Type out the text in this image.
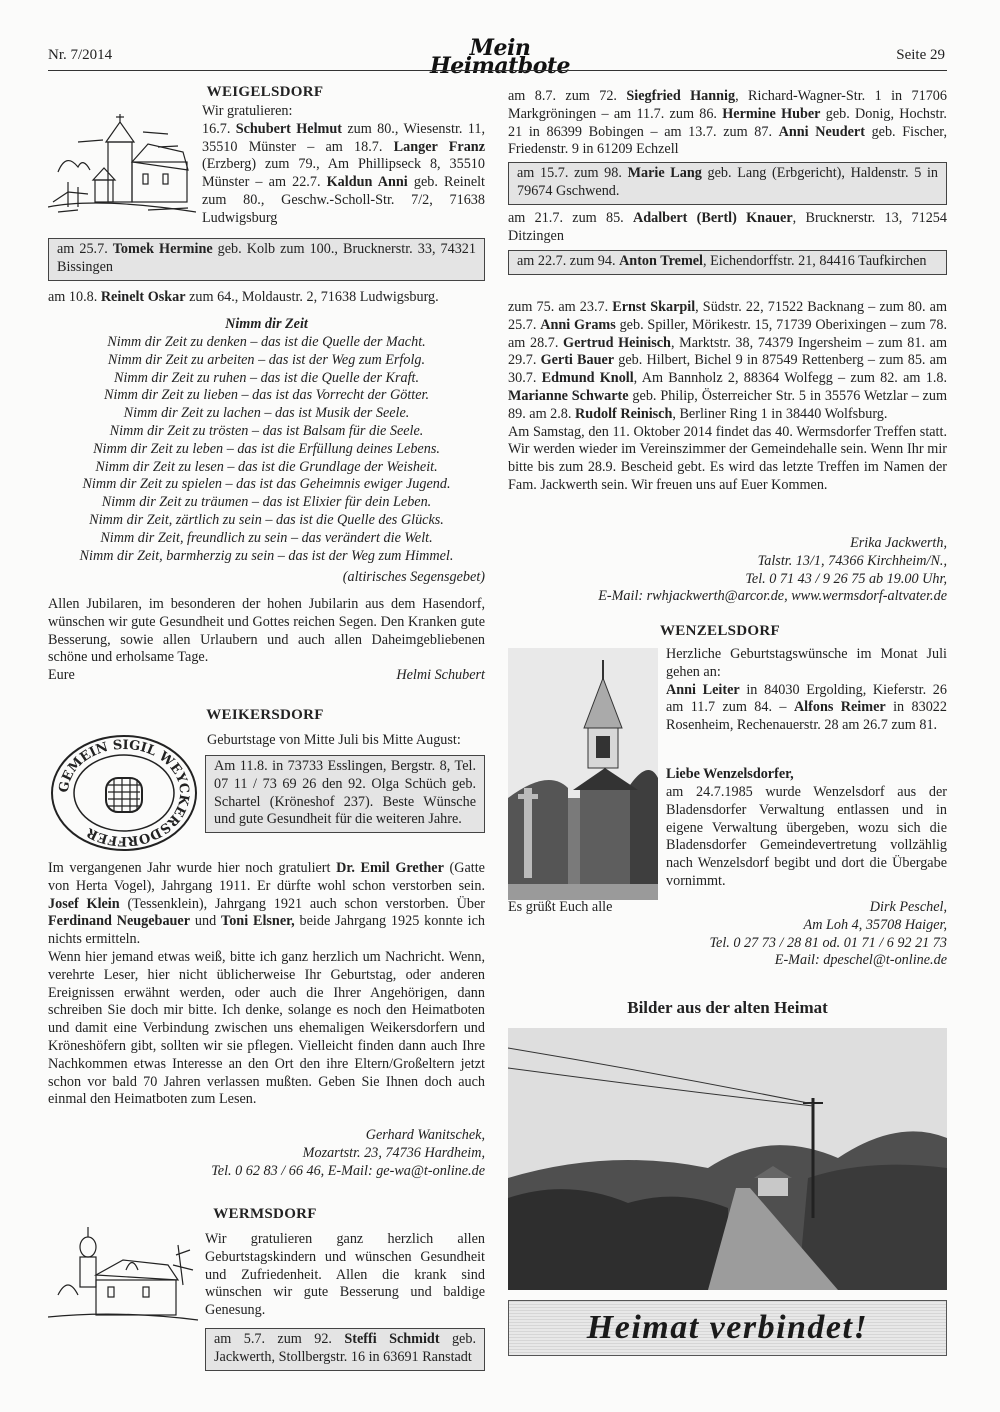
Nr. 7/2014	Mein Heimatbote	Seite 29
WEIGELSDORF
Wir gratulieren:
16.7. Schubert Helmut zum 80., Wiesenstr. 11, 35510 Münster – am 18.7. Langer Franz (Erzberg) zum 79., Am Phillipseck 8, 35510 Münster – am 22.7. Kaldun Anni geb. Reinelt zum 80., Geschw.-Scholl-Str. 7/2, 71638 Ludwigsburg
am 25.7. Tomek Hermine geb. Kolb zum 100., Brucknerstr. 33, 74321 Bissingen
am 10.8. Reinelt Oskar zum 64., Moldaustr. 2, 71638 Ludwigsburg.
Nimm dir Zeit
Nimm dir Zeit zu denken – das ist die Quelle der Macht.
Nimm dir Zeit zu arbeiten – das ist der Weg zum Erfolg.
Nimm dir Zeit zu ruhen – das ist die Quelle der Kraft.
Nimm dir Zeit zu lieben – das ist das Vorrecht der Götter.
Nimm dir Zeit zu lachen – das ist Musik der Seele.
Nimm dir Zeit zu trösten – das ist Balsam für die Seele.
Nimm dir Zeit zu leben – das ist die Erfüllung deines Lebens.
Nimm dir Zeit zu lesen – das ist die Grundlage der Weisheit.
Nimm dir Zeit zu spielen – das ist das Geheimnis ewiger Jugend.
Nimm dir Zeit zu träumen – das ist Elixier für dein Leben.
Nimm dir Zeit, zärtlich zu sein – das ist die Quelle des Glücks.
Nimm dir Zeit, freundlich zu sein – das verändert die Welt.
Nimm dir Zeit, barmherzig zu sein – das ist der Weg zum Himmel.
(altirisches Segensgebet)
Allen Jubilaren, im besonderen der hohen Jubilarin aus dem Hasendorf, wünschen wir gute Gesundheit und Gottes reichen Segen. Den Kranken gute Besserung, sowie allen Urlaubern und auch allen Daheimgebliebenen schöne und erholsame Tage.
Eure	Helmi Schubert
WEIKERSDORF
GEMEIN SIGIL WEYCKERSDORFFER
Geburtstage von Mitte Juli bis Mitte August:
Am 11.8. in 73733 Esslingen, Bergstr. 8, Tel. 07 11 / 73 69 26 den 92. Olga Schüch geb. Schartel (Kröneshof 237). Beste Wünsche und gute Gesundheit für die weiteren Jahre.
Im vergangenen Jahr wurde hier noch gratuliert Dr. Emil Grether (Gatte von Herta Vogel), Jahrgang 1911. Er dürfte wohl schon verstorben sein. Josef Klein (Tessenklein), Jahrgang 1921 auch schon verstorben. Über Ferdinand Neugebauer und Toni Elsner, beide Jahrgang 1925 konnte ich nichts ermitteln.
Wenn hier jemand etwas weiß, bitte ich ganz herzlich um Nachricht. Wenn, verehrte Leser, hier nicht üblicherweise Ihr Geburtstag, oder anderen Ereignissen erwähnt werden, oder auch die Ihrer Angehörigen, dann schreiben Sie doch mir bitte. Ich denke, solange es noch den Heimatboten und damit eine Verbindung zwischen uns ehemaligen Weikersdorfern und Kröneshöfern gibt, sollten wir sie pflegen. Vielleicht finden dann auch Ihre Nachkommen etwas Interesse an den Ort den ihre Eltern/Großeltern jetzt schon vor bald 70 Jahren verlassen mußten. Geben Sie Ihnen doch auch einmal den Heimatboten zum Lesen.
Gerhard Wanitschek,
Mozartstr. 23, 74736 Hardheim,
Tel. 0 62 83 / 66 46, E-Mail: ge-wa@t-online.de
WERMSDORF
Wir gratulieren ganz herzlich allen Geburtstagskindern und wünschen Gesundheit und Zufriedenheit. Allen die krank sind wünschen wir gute Besserung und baldige Genesung.
am 5.7. zum 92. Steffi Schmidt geb. Jackwerth, Stollbergstr. 16 in 63691 Ranstadt
am 8.7. zum 72. Siegfried Hannig, Richard-Wagner-Str. 1 in 71706 Markgröningen – am 11.7. zum 86. Hermine Huber geb. Donig, Hochstr. 21 in 86399 Bobingen – am 13.7. zum 87. Anni Neudert geb. Fischer, Friedenstr. 9 in 61209 Echzell
am 15.7. zum 98. Marie Lang geb. Lang (Erbgericht), Haldenstr. 5 in 79674 Gschwend.
am 21.7. zum 85. Adalbert (Bertl) Knauer, Brucknerstr. 13, 71254 Ditzingen
am 22.7. zum 94. Anton Tremel, Eichendorffstr. 21, 84416 Taufkirchen
zum 75. am 23.7. Ernst Skarpil, Südstr. 22, 71522 Backnang – zum 80. am 25.7. Anni Grams geb. Spiller, Mörikestr. 15, 71739 Oberixingen – zum 78. am 28.7. Gertrud Heinisch, Marktstr. 38, 74379 Ingersheim – zum 81. am 29.7. Gerti Bauer geb. Hilbert, Bichel 9 in 87549 Rettenberg – zum 85. am 30.7. Edmund Knoll, Am Bannholz 2, 88364 Wolfegg – zum 82. am 1.8. Marianne Schwarte geb. Philip, Österreicher Str. 5 in 35576 Wetzlar – zum 89. am 2.8. Rudolf Reinisch, Berliner Ring 1 in 38440 Wolfsburg.
Am Samstag, den 11. Oktober 2014 findet das 40. Wermsdorfer Treffen statt. Wir werden wieder im Vereinszimmer der Gemeindehalle sein. Wenn Ihr mir bitte bis zum 28.9. Bescheid gebt. Es wird das letzte Treffen im Namen der Fam. Jackwerth sein. Wir freuen uns auf Euer Kommen.
Erika Jackwerth,
Talstr. 13/1, 74366 Kirchheim/N.,
Tel. 0 71 43 / 9 26 75 ab 19.00 Uhr,
E-Mail: rwhjackwerth@arcor.de, www.wermsdorf-altvater.de
WENZELSDORF
Herzliche Geburtstagswünsche im Monat Juli gehen an:
Anni Leiter in 84030 Ergolding, Kieferstr. 26 am 11.7 zum 84. – Alfons Reimer in 83022 Rosenheim, Rechenauerstr. 28 am 26.7 zum 81.
Liebe Wenzelsdorfer,
am 24.7.1985 wurde Wenzelsdorf aus der Bladensdorfer Verwaltung entlassen und in eigene Verwaltung übergeben, wozu sich die Bladensdorfer Gemeindevertretung vollzählig nach Wenzelsdorf begibt und dort die Übergabe vornimmt.
Es grüßt Euch alle	Dirk Peschel,
Am Loh 4, 35708 Haiger,
Tel. 0 27 73 / 28 81 od. 01 71 / 6 92 21 73
E-Mail: dpeschel@t-online.de
Bilder aus der alten Heimat
Heimat verbindet!
